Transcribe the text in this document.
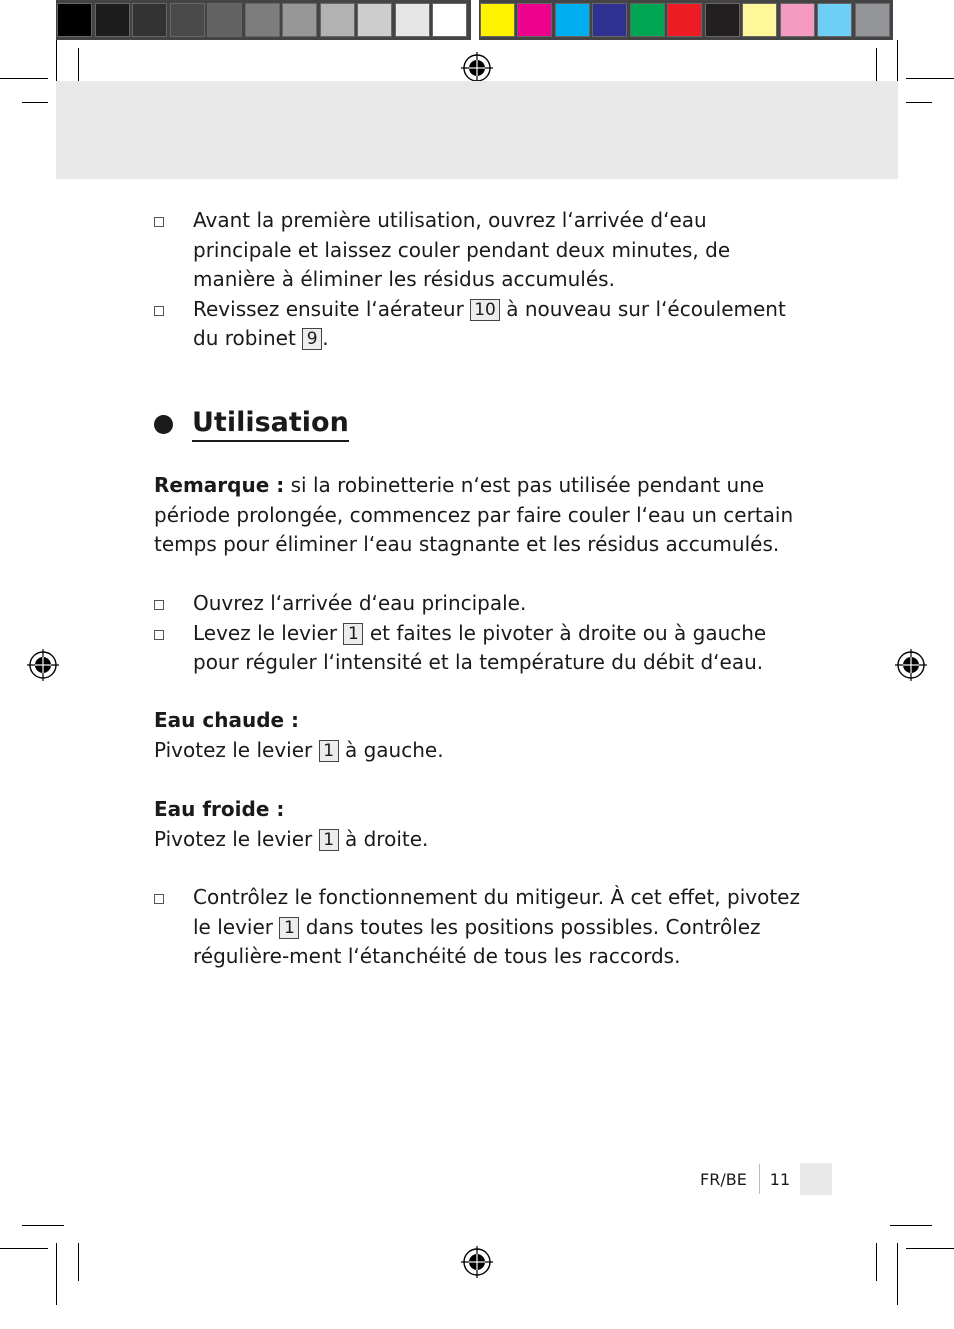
Avant la première utilisation, ouvrez l‘arrivée d‘eau principale et laissez couler pendant deux minutes, de manière à éliminer les résidus accumulés.
Revissez ensuite l‘aérateur 10 à nouveau sur l‘écoulement du robinet 9 .
Utilisation
Remarque : si la robinetterie n‘est pas utilisée pendant une période prolongée, commencez par faire couler l‘eau un certain temps pour éliminer l‘eau stagnante et les résidus accumulés.
Ouvrez l‘arrivée d‘eau principale.
Levez le levier 1 et faites le pivoter à droite ou à gauche pour réguler l‘intensité et la température du débit d‘eau.
Eau chaude :
Pivotez le levier 1 à gauche.
Eau froide :
Pivotez le levier 1 à droite.
Contrôlez le fonctionnement du mitigeur. À cet effet, pivotez le levier 1 dans toutes les positions possibles. Contrôlez régulière-ment l‘étanchéité de tous les raccords.
FR/BE 11
